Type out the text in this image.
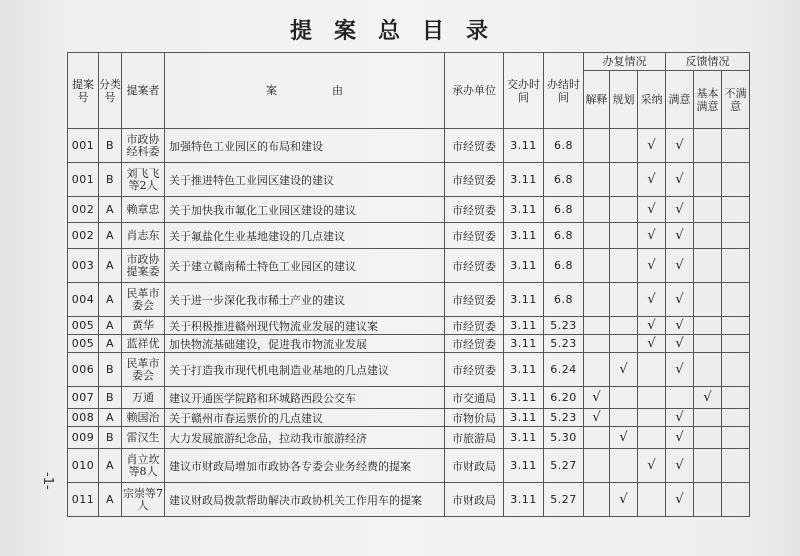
提案总目录
-1-
提案号	分类号	提案者	案　　　　　由	承办单位	交办时间	办结时间	办复情况			反馈情况		
							解释	规划	采纳	满意	基本满意	不满意
001	B	市政协经科委	加强特色工业园区的布局和建设	市经贸委	3.11	6.8			√	√		
001	B	刘飞飞等2人	关于推进特色工业园区建设的建议	市经贸委	3.11	6.8			√	√		
002	A	赖章忠	关于加快我市氟化工业园区建设的建议	市经贸委	3.11	6.8			√	√		
002	A	肖志东	关于氟盐化生业基地建设的几点建议	市经贸委	3.11	6.8			√	√		
003	A	市政协提案委	关于建立赣南稀土特色工业园区的建议	市经贸委	3.11	6.8			√	√		
004	A	民革市委会	关于进一步深化我市稀土产业的建议	市经贸委	3.11	6.8			√	√		
005	A	黄华	关于积极推进赣州现代物流业发展的建议案	市经贸委	3.11	5.23			√	√		
005	A	蓝祥优	加快物流基础建设，促进我市物流业发展	市经贸委	3.11	5.23			√	√		
006	B	民革市委会	关于打造我市现代机电制造业基地的几点建议	市经贸委	3.11	6.24		√		√		
007	B	万通	建议开通医学院路和环城路西段公交车	市交通局	3.11	6.20	√				√	
008	A	赖国治	关于赣州市春运票价的几点建议	市物价局	3.11	5.23	√			√		
009	B	雷汉生	大力发展旅游纪念品，拉动我市旅游经济	市旅游局	3.11	5.30		√		√		
010	A	肖立坎等8人	建议市财政局增加市政协各专委会业务经费的提案	市财政局	3.11	5.27			√	√		
011	A	宗崇等7人	建议财政局拨款帮助解决市政协机关工作用车的提案	市财政局	3.11	5.27		√		√		
